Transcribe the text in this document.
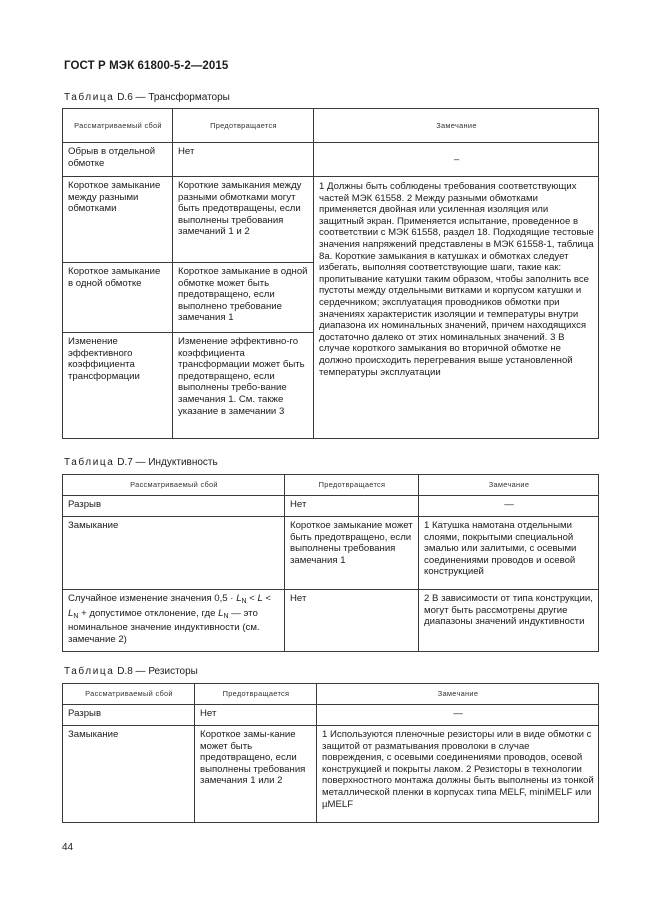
ГОСТ Р МЭК 61800-5-2—2015
Таблица D.6 — Трансформаторы
Рассматриваемый сбой	Предотвращается	Замечание
Обрыв в отдельной обмотке	Нет	–
Короткое замыкание между разными обмотками	Короткие замыкания между разными обмотками могут быть предотвращены, если выполнены требования замечаний 1 и 2	1 Должны быть соблюдены требования соответствующих частей МЭК 61558. 2 Между разными обмотками применяется двойная или усиленная изоляция или защитный экран. Применяется испытание, проведенное в соответствии с МЭК 61558, раздел 18. Подходящие тестовые значения напряжений представлены в МЭК 61558-1, таблица 8а. Короткие замыкания в катушках и обмотках следует избегать, выполняя соответствующие шаги, такие как: пропитывание катушки таким образом, чтобы заполнить все пустоты между отдельными витками и корпусом катушки и сердечником; эксплуатация проводников обмотки при значениях характеристик изоляции и температуры внутри диапазона их номинальных значений, причем находящихся достаточно далеко от этих номинальных значений. 3 В случае короткого замыкания во вторичной обмотке не должно происходить перегревания выше установленной температуры эксплуатации
Короткое замыкание в одной обмотке	Короткое замыкание в одной обмотке может быть предотвращено, если выполнено требование замечания 1	
Изменение эффективного коэффициента трансформации	Изменение эффективно-го коэффициента трансформации может быть предотвращено, если выполнены требо-вание замечания 1. См. также указание в замечании 3	
Таблица D.7 — Индуктивность
Рассматриваемый сбой	Предотвращается	Замечание
Разрыв	Нет	—
Замыкание	Короткое замыкание может быть предотвращено, если выполнены требования замечания 1	1 Катушка намотана отдельными слоями, покрытыми специальной эмалью или залитыми, с осевыми соединениями проводов и осевой конструкцией
Случайное изменение значения $0,5 \cdot L_N < L < L_N$ + допустимое отклонение, где $L_N$ — это номинальное значение индуктивности (см. замечание 2)	Нет	2 В зависимости от типа конструкции, могут быть рассмотрены другие диапазоны значений индуктивности
Таблица D.8 — Резисторы
Рассматриваемый сбой	Предотвращается	Замечание
Разрыв	Нет	—
Замыкание	Короткое замы-кание может быть предотвращено, если выполнены требования замечания 1 или 2	1 Используются пленочные резисторы или в виде обмотки с защитой от разматывания проволоки в случае повреждения, с осевыми соединениями проводов, осевой конструкцией и покрыты лаком. 2 Резисторы в технологии поверхностного монтажа должны быть выполнены из тонкой металлической пленки в корпусах типа MELF, miniMELF или µMELF
44
